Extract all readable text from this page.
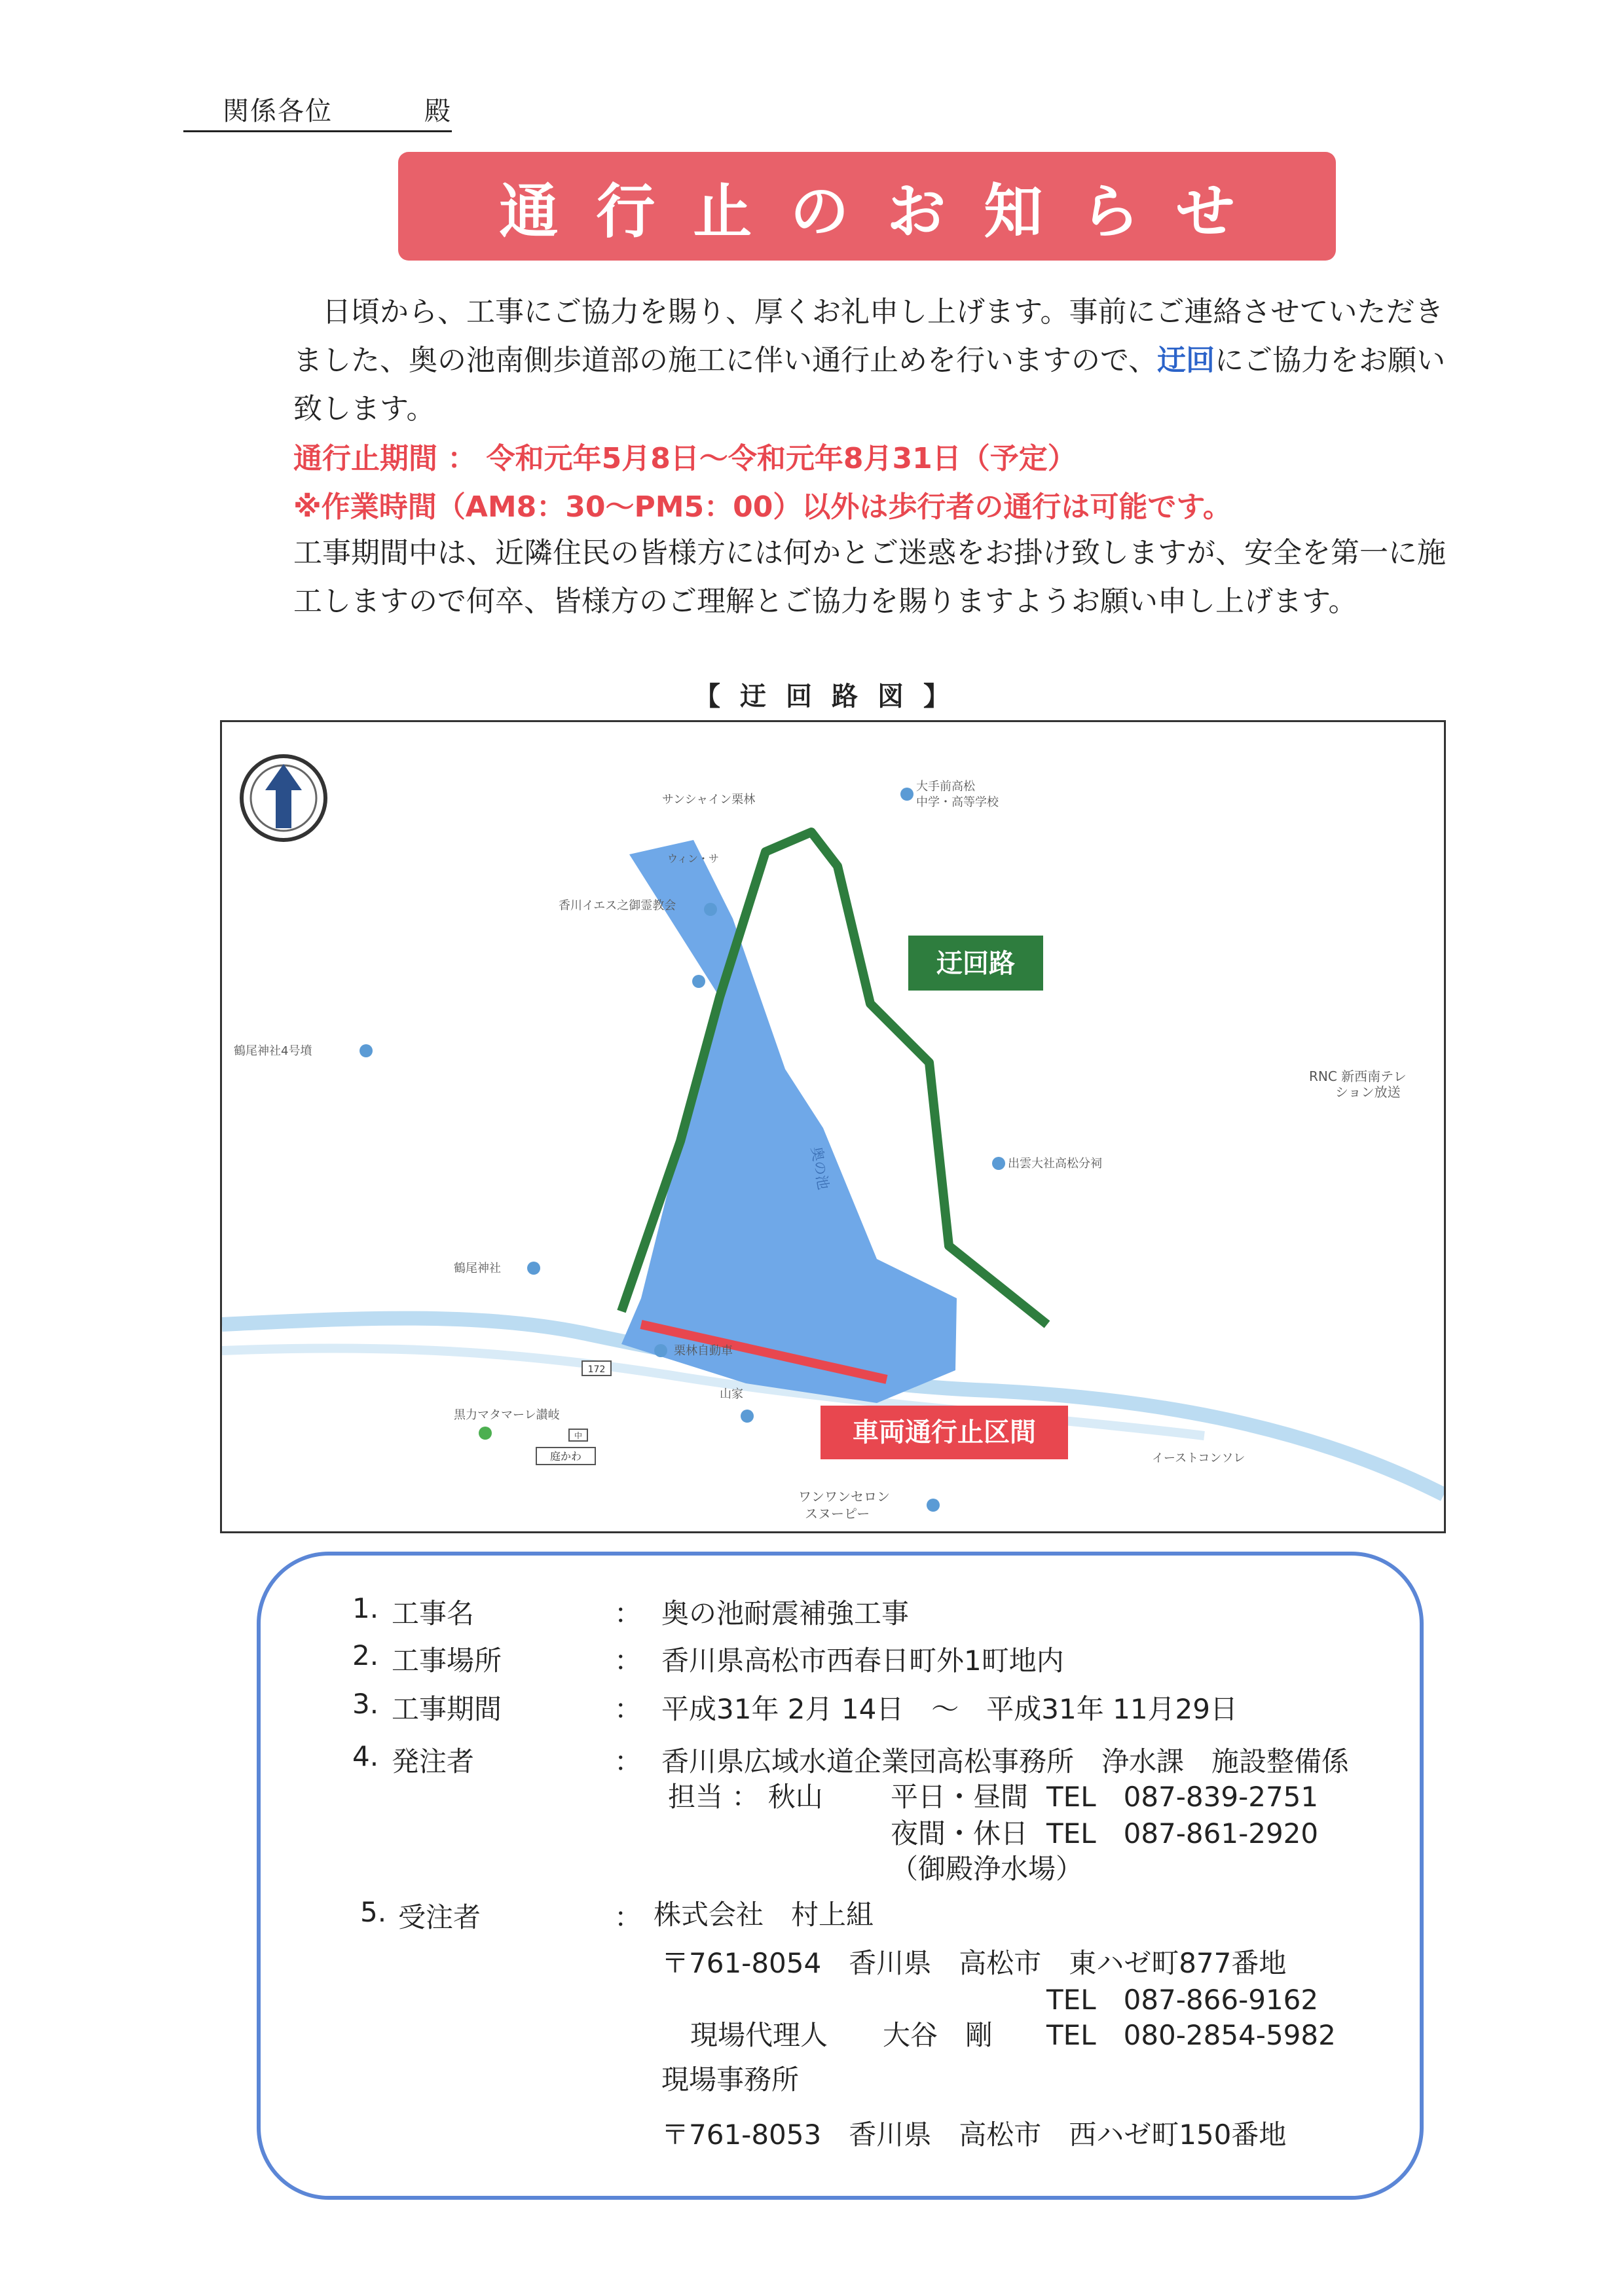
関係各位	殿
通行止のお知らせ
日頃から、工事にご協力を賜り、厚くお礼申し上げます。事前にご連絡させていただきました、奥の池南側歩道部の施工に伴い通行止めを行いますので、迂回にご協力をお願い致します。
通行止期間 ： 令和元年5月8日～令和元年8月31日（予定）
※作業時間（AM8：30～PM5：00）以外は歩行者の通行は可能です。
工事期間中は、近隣住民の皆様方には何かとご迷惑をお掛け致しますが、安全を第一に施工しますので何卒、皆様方のご理解とご協力を賜りますようお願い申し上げます。
【迂回路図】
奥の池
迂回路
車両通行止区間
サンシャイン栗林
大手前高松
中学・高等学校
ウィン・サ
香川イエス之御霊教会
鶴尾神社4号墳
RNC 新西南テレ
ション放送
出雲大社高松分祠
鶴尾神社
栗林自動車
172
山家
黒力マタマーレ讃岐
中
庭かわ	イーストコンソレ
ワンワンセロン
スヌーピー
1. 工事名	： 奥の池耐震補強工事
2. 工事場所	： 香川県高松市西春日町外1町地内
3. 工事期間	： 平成31年 2月 14日　～　平成31年 11月29日
4. 発注者	： 香川県広域水道企業団高松事務所　浄水課　施設整備係
担当 ： 秋山 平日・昼間 TEL　087-839-2751
夜間・休日 TEL　087-861-2920
（御殿浄水場）
5. 受注者	： 株式会社　村上組
〒761-8054　香川県　高松市　東ハゼ町877番地
TEL　087-866-9162
現場代理人　　大谷　剛 TEL　080-2854-5982
現場事務所
〒761-8053　香川県　高松市　西ハゼ町150番地
